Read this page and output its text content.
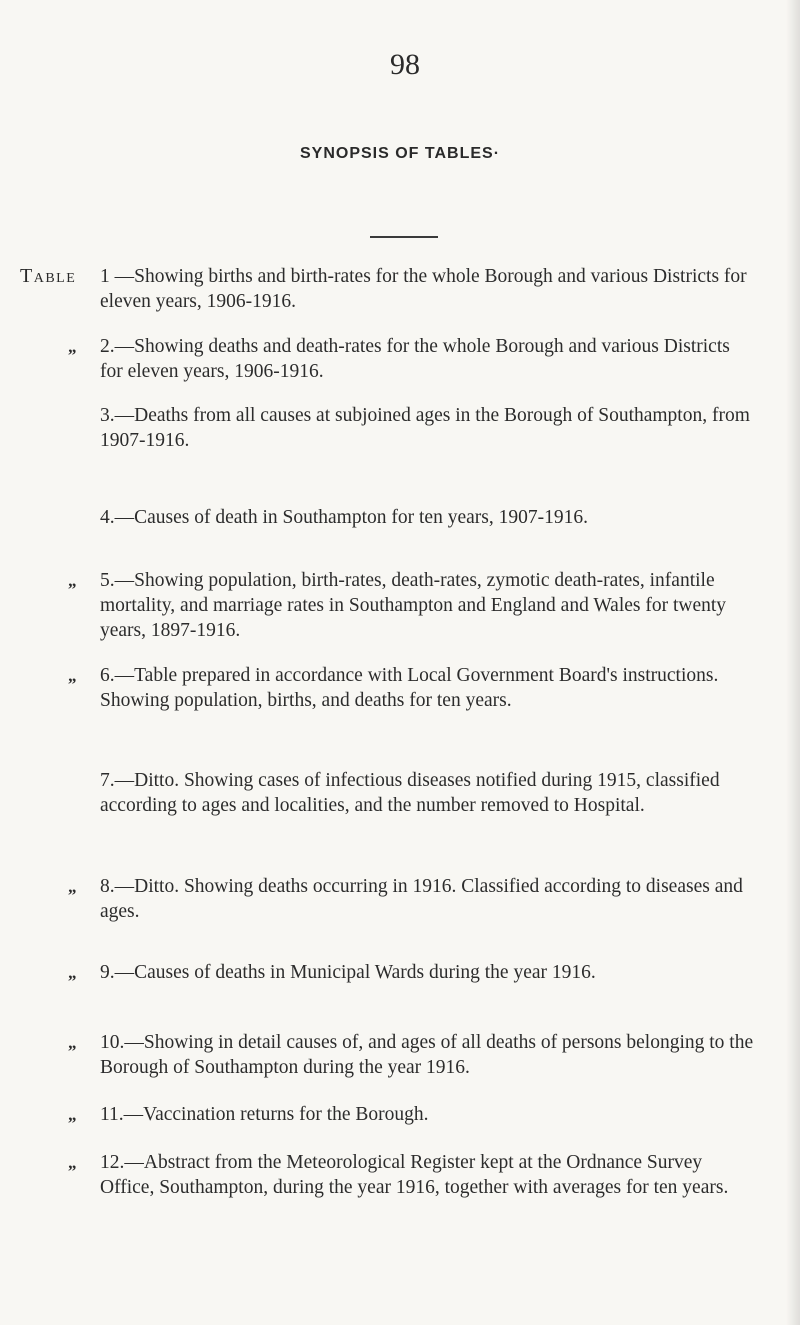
98
SYNOPSIS OF TABLES·
Table 1 —Showing births and birth-rates for the whole Borough and various Districts for eleven years, 1906-1916.
„ 2.—Showing deaths and death-rates for the whole Borough and various Districts for eleven years, 1906-1916.
3.—Deaths from all causes at subjoined ages in the Borough of Southampton, from 1907-1916.
4.—Causes of death in Southampton for ten years, 1907-1916.
„ 5.—Showing population, birth-rates, death-rates, zymotic death-rates, infantile mortality, and marriage rates in Southampton and England and Wales for twenty years, 1897-1916.
„ 6.—Table prepared in accordance with Local Government Board's instructions. Showing population, births, and deaths for ten years.
7.—Ditto. Showing cases of infectious diseases notified during 1915, classified according to ages and localities, and the number removed to Hospital.
„ 8.—Ditto. Showing deaths occurring in 1916. Classified according to diseases and ages.
„ 9.—Causes of deaths in Municipal Wards during the year 1916.
„ 10.—Showing in detail causes of, and ages of all deaths of persons belonging to the Borough of Southampton during the year 1916.
„ 11.—Vaccination returns for the Borough.
„ 12.—Abstract from the Meteorological Register kept at the Ordnance Survey Office, Southampton, during the year 1916, together with averages for ten years.
